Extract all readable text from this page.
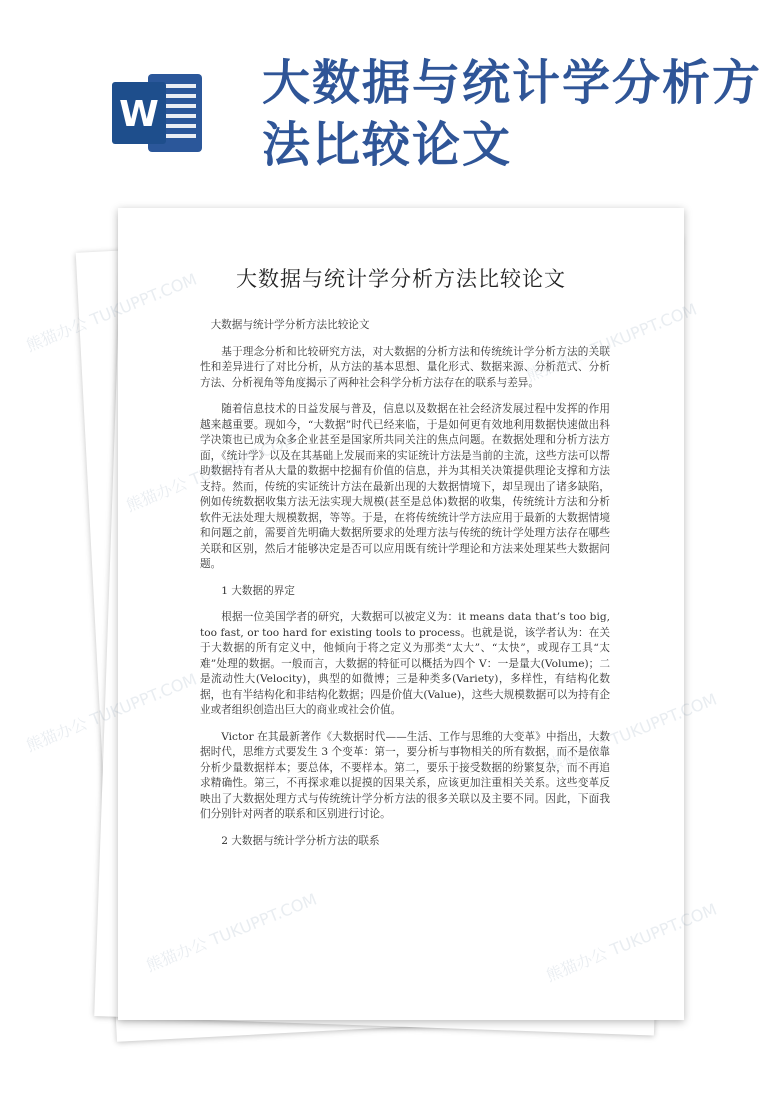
W
大数据与统计学分析方法比较论文
大数据与统计学分析方法比较论文

大数据与统计学分析方法比较论文

基于理念分析和比较研究方法，对大数据的分析方法和传统统计学分析方法的关联性和差异进行了对比分析，从方法的基本思想、量化形式、数据来源、分析范式、分析方法、分析视角等角度揭示了两种社会科学分析方法存在的联系与差异。

随着信息技术的日益发展与普及，信息以及数据在社会经济发展过程中发挥的作用越来越重要。现如今，“大数据”时代已经来临，于是如何更有效地利用数据快速做出科学决策也已成为众多企业甚至是国家所共同关注的焦点问题。在数据处理和分析方法方面，《统计学》以及在其基础上发展而来的实证统计方法是当前的主流，这些方法可以帮助数据持有者从大量的数据中挖掘有价值的信息，并为其相关决策提供理论支撑和方法支持。然而，传统的实证统计方法在最新出现的大数据情境下，却呈现出了诸多缺陷，例如传统数据收集方法无法实现大规模(甚至是总体)数据的收集，传统统计方法和分析软件无法处理大规模数据，等等。于是，在将传统统计学方法应用于最新的大数据情境和问题之前，需要首先明确大数据所要求的处理方法与传统的统计学处理方法存在哪些关联和区别，然后才能够决定是否可以应用既有统计学理论和方法来处理某些大数据问题。

1 大数据的界定

根据一位美国学者的研究，大数据可以被定义为：it means data that’s too big, too fast, or too hard for existing tools to process。也就是说，该学者认为：在关于大数据的所有定义中，他倾向于将之定义为那类“太大”、“太快”，或现存工具“太难”处理的数据。一般而言，大数据的特征可以概括为四个 V：一是量大(Volume)；二是流动性大(Velocity)，典型的如微博；三是种类多(Variety)，多样性，有结构化数据，也有半结构化和非结构化数据；四是价值大(Value)，这些大规模数据可以为持有企业或者组织创造出巨大的商业或社会价值。

Victor 在其最新著作《大数据时代——生活、工作与思维的大变革》中指出，大数据时代，思维方式要发生 3 个变革：第一，要分析与事物相关的所有数据，而不是依靠分析少量数据样本；要总体，不要样本。第二，要乐于接受数据的纷繁复杂，而不再追求精确性。第三，不再探求难以捉摸的因果关系，应该更加注重相关关系。这些变革反映出了大数据处理方式与传统统计学分析方法的很多关联以及主要不同。因此，下面我们分别针对两者的联系和区别进行讨论。

2 大数据与统计学分析方法的联系

熊猫办公
熊猫办公
